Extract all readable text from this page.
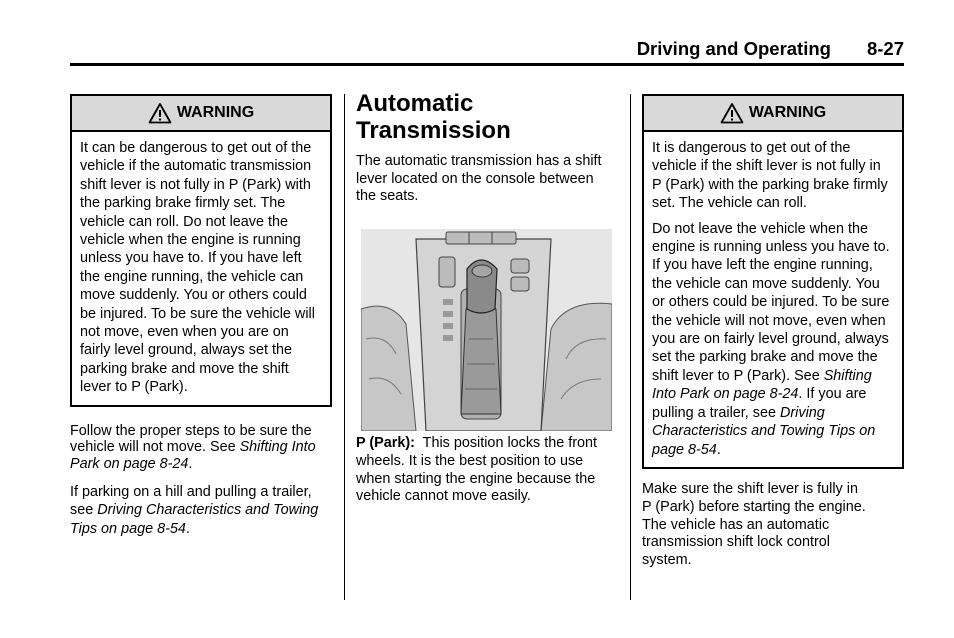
Driving and Operating 8-27
WARNING

It can be dangerous to get out of the vehicle if the automatic transmission shift lever is not fully in P (Park) with the parking brake firmly set. The vehicle can roll. Do not leave the vehicle when the engine is running unless you have to. If you have left the engine running, the vehicle can move suddenly. You or others could be injured. To be sure the vehicle will not move, even when you are on fairly level ground, always set the parking brake and move the shift lever to P (Park).

Follow the proper steps to be sure the vehicle will not move. See Shifting Into Park on page 8-24.

If parking on a hill and pulling a trailer, see Driving Characteristics and Towing Tips on page 8-54.

Automatic Transmission

The automatic transmission has a shift lever located on the console between the seats.

P (Park):  This position locks the front wheels. It is the best position to use when starting the engine because the vehicle cannot move easily.

WARNING

It is dangerous to get out of the vehicle if the shift lever is not fully in P (Park) with the parking brake firmly set. The vehicle can roll.

Do not leave the vehicle when the engine is running unless you have to. If you have left the engine running, the vehicle can move suddenly. You or others could be injured. To be sure the vehicle will not move, even when you are on fairly level ground, always set the parking brake and move the shift lever to P (Park). See Shifting Into Park on page 8-24. If you are pulling a trailer, see Driving Characteristics and Towing Tips on page 8-54.

Make sure the shift lever is fully in P (Park) before starting the engine. The vehicle has an automatic transmission shift lock control system.
